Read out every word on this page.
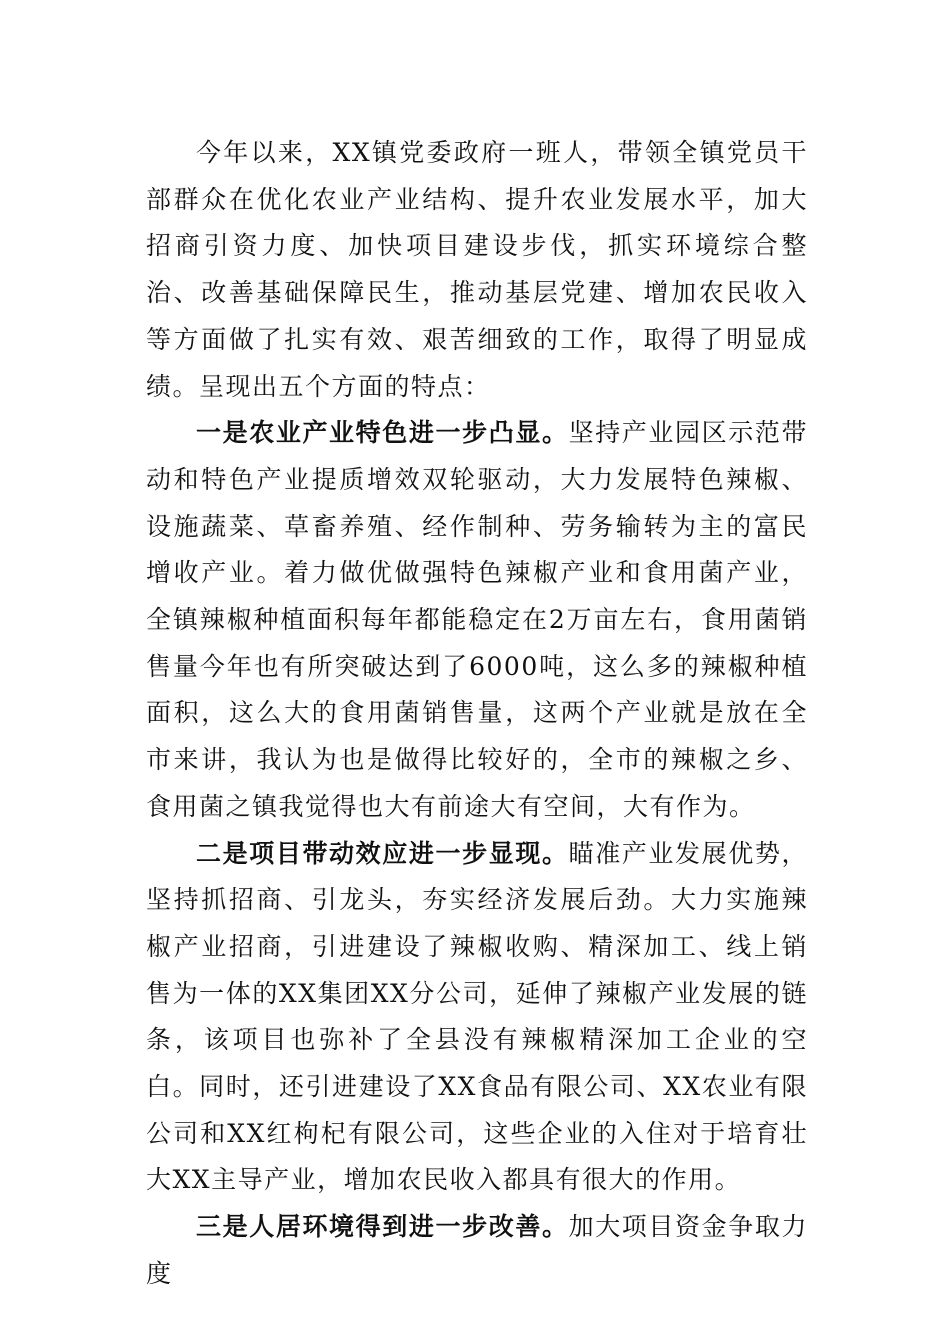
今年以来，XX镇党委政府一班人，带领全镇党员干部群众在优化农业产业结构、提升农业发展水平，加大招商引资力度、加快项目建设步伐，抓实环境综合整治、改善基础保障民生，推动基层党建、增加农民收入等方面做了扎实有效、艰苦细致的工作，取得了明显成绩。呈现出五个方面的特点：

一是农业产业特色进一步凸显。坚持产业园区示范带动和特色产业提质增效双轮驱动，大力发展特色辣椒、设施蔬菜、草畜养殖、经作制种、劳务输转为主的富民增收产业。着力做优做强特色辣椒产业和食用菌产业，全镇辣椒种植面积每年都能稳定在2万亩左右，食用菌销售量今年也有所突破达到了6000吨，这么多的辣椒种植面积，这么大的食用菌销售量，这两个产业就是放在全市来讲，我认为也是做得比较好的，全市的辣椒之乡、食用菌之镇我觉得也大有前途大有空间，大有作为。

二是项目带动效应进一步显现。瞄准产业发展优势，坚持抓招商、引龙头，夯实经济发展后劲。大力实施辣椒产业招商，引进建设了辣椒收购、精深加工、线上销售为一体的XX集团XX分公司，延伸了辣椒产业发展的链条，该项目也弥补了全县没有辣椒精深加工企业的空白。同时，还引进建设了XX食品有限公司、XX农业有限公司和XX红枸杞有限公司，这些企业的入住对于培育壮大XX主导产业，增加农民收入都具有很大的作用。

三是人居环境得到进一步改善。加大项目资金争取力度
